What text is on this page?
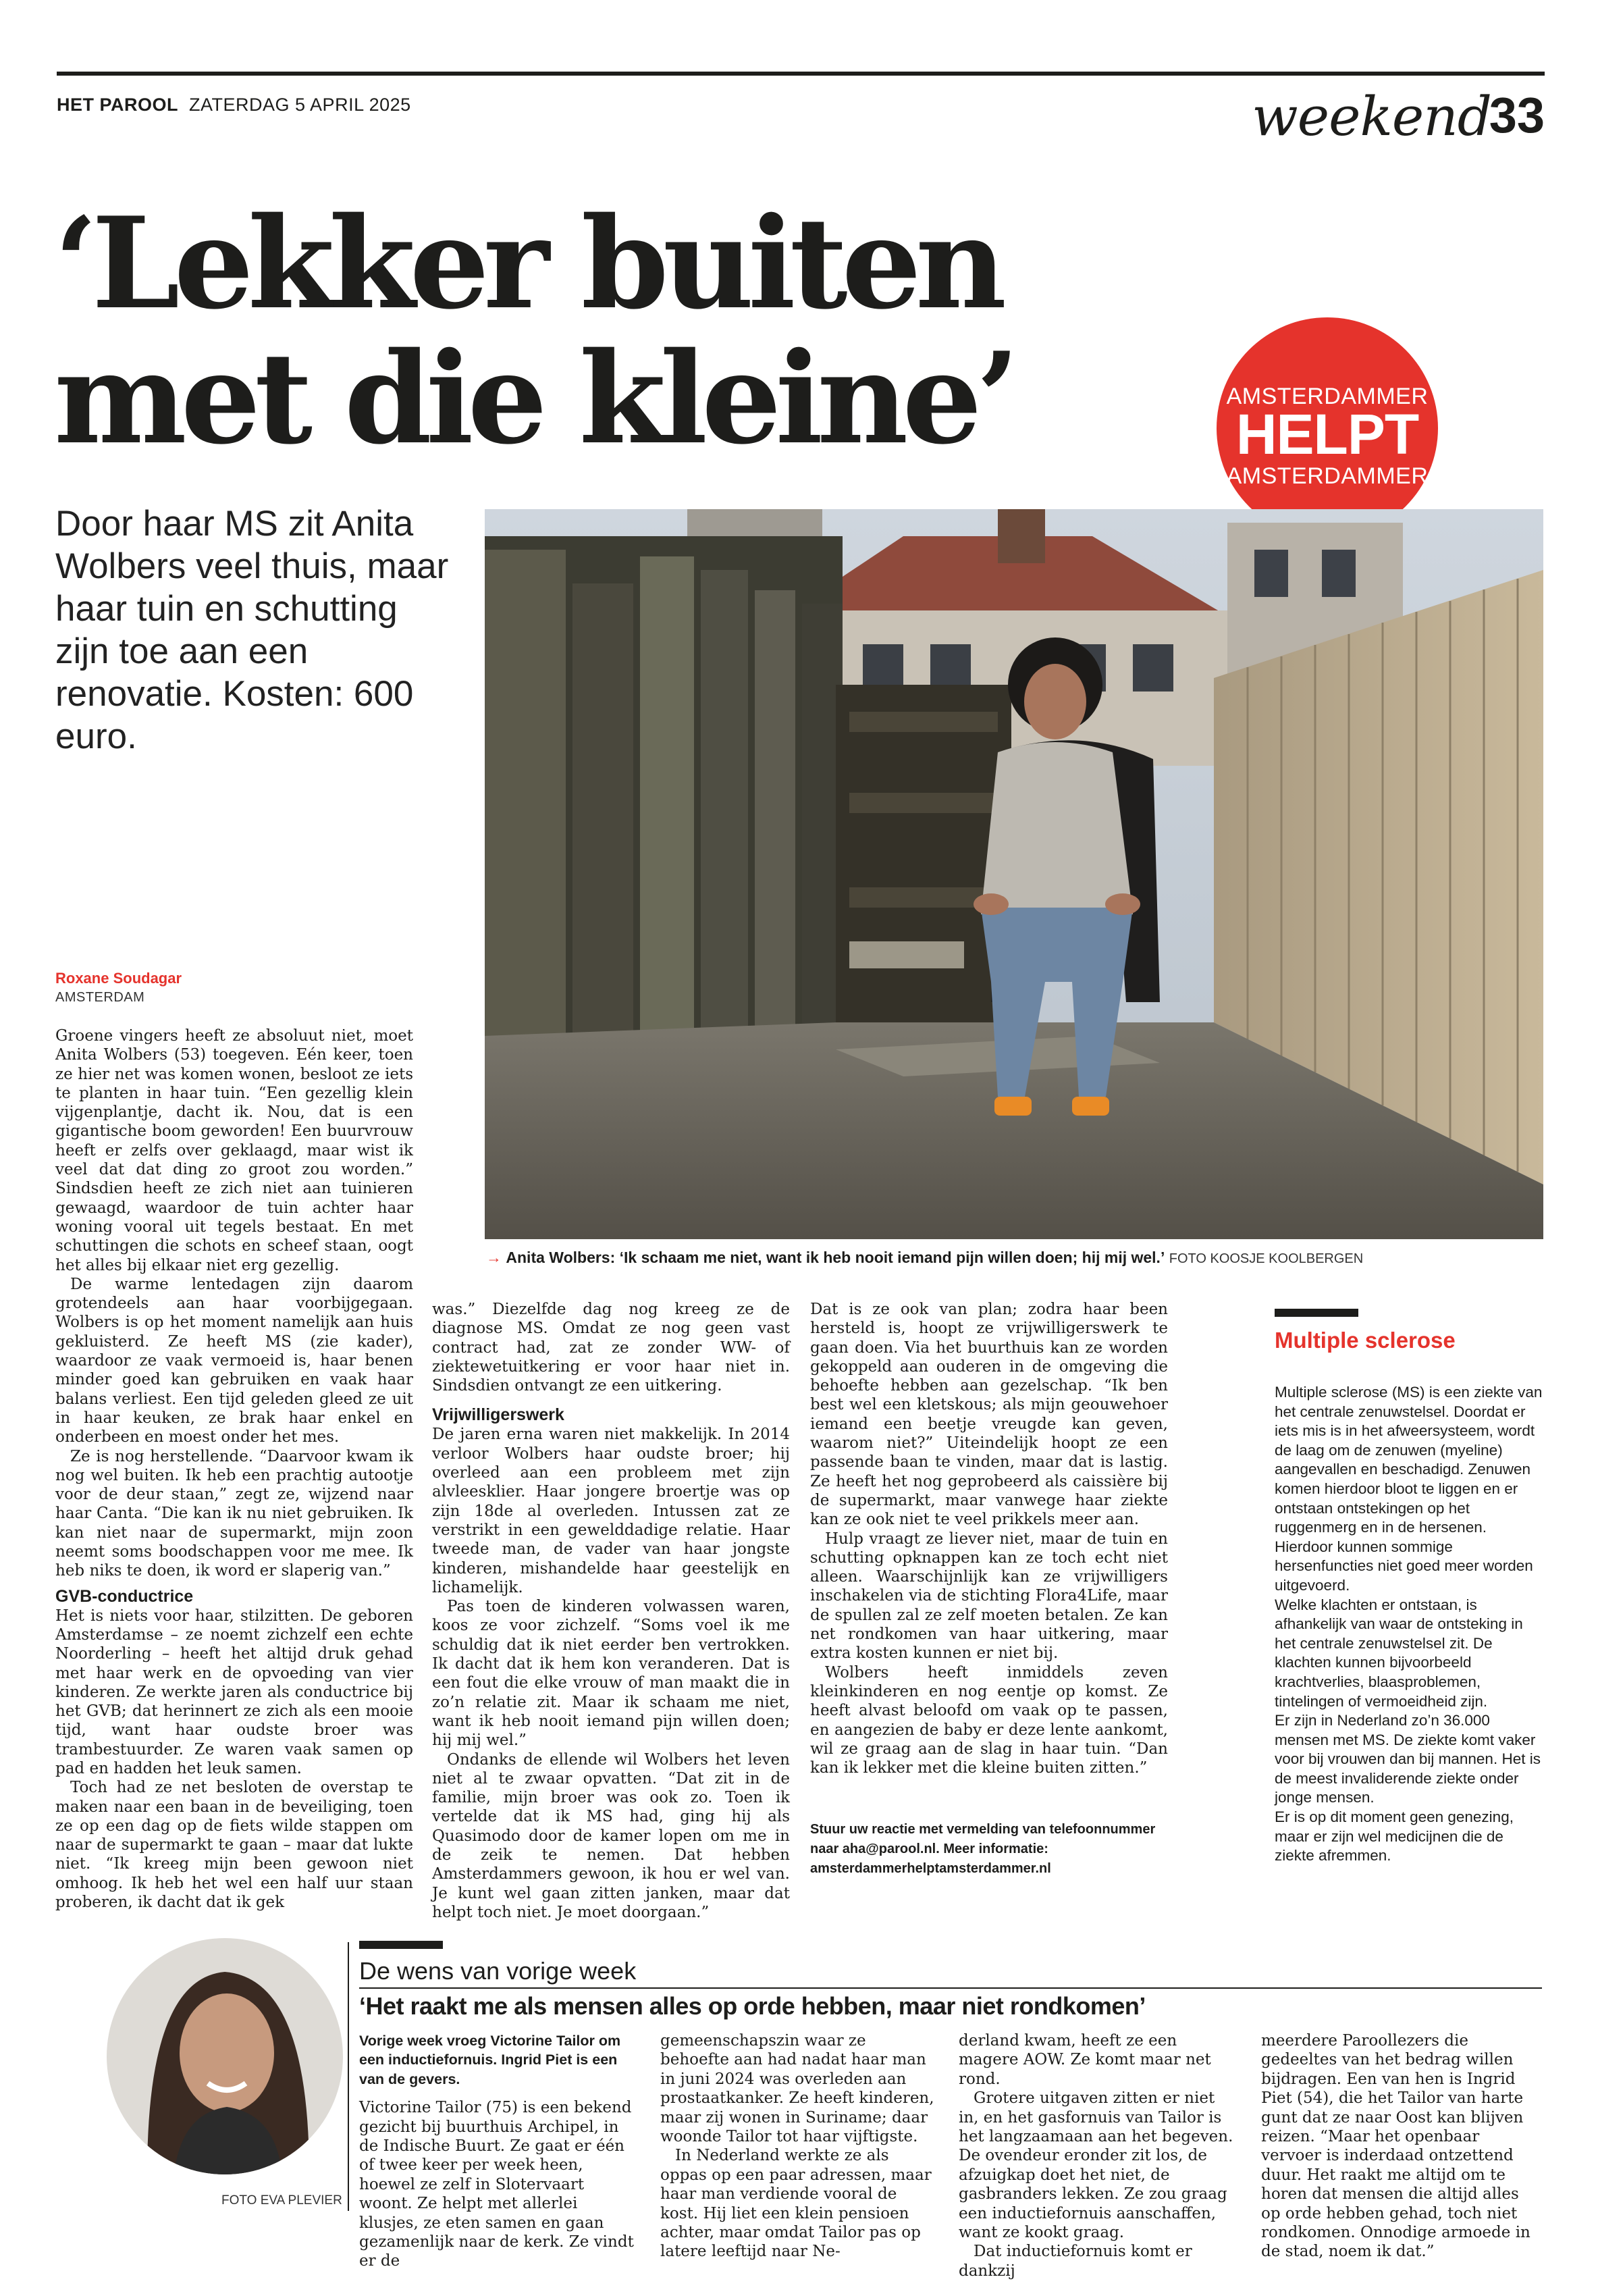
HET PAROOL ZATERDAG 5 APRIL 2025	weekend
33
‘Lekker buiten
met die kleine’
Door haar MS zit Anita Wolbers veel thuis, maar haar tuin en schutting zijn toe aan een renovatie. Kosten: 600 euro.
AMSTERDAMMER
HELPT
AMSTERDAMMER
→ Anita Wolbers: ‘Ik schaam me niet, want ik heb nooit iemand pijn willen doen; hij mij wel.’ FOTO KOOSJE KOOLBERGEN
Roxane Soudagar
AMSTERDAM

Groene vingers heeft ze absoluut niet, moet Anita Wolbers (53) toegeven. Eén keer, toen ze hier net was komen wonen, besloot ze iets te planten in haar tuin. “Een gezellig klein vijgenplantje, dacht ik. Nou, dat is een gigantische boom geworden! Een buurvrouw heeft er zelfs over geklaagd, maar wist ik veel dat dat ding zo groot zou worden.” Sindsdien heeft ze zich niet aan tuinieren gewaagd, waardoor de tuin achter haar woning vooral uit tegels bestaat. En met schuttingen die schots en scheef staan, oogt het alles bij elkaar niet erg gezellig.

De warme lentedagen zijn daarom grotendeels aan haar voorbijgegaan. Wolbers is op het moment namelijk aan huis gekluisterd. Ze heeft MS (zie kader), waardoor ze vaak vermoeid is, haar benen minder goed kan gebruiken en vaak haar balans verliest. Een tijd geleden gleed ze uit in haar keuken, ze brak haar enkel en onderbeen en moest onder het mes.

Ze is nog herstellende. “Daarvoor kwam ik nog wel buiten. Ik heb een prachtig autootje voor de deur staan,” zegt ze, wijzend naar haar Canta. “Die kan ik nu niet gebruiken. Ik kan niet naar de supermarkt, mijn zoon neemt soms boodschappen voor me mee. Ik heb niks te doen, ik word er slaperig van.”

GVB-conductrice

Het is niets voor haar, stilzitten. De geboren Amsterdamse – ze noemt zichzelf een echte Noorderling – heeft het altijd druk gehad met haar werk en de opvoeding van vier kinderen. Ze werkte jaren als conductrice bij het GVB; dat herinnert ze zich als een mooie tijd, want haar oudste broer was trambestuurder. Ze waren vaak samen op pad en hadden het leuk samen.

Toch had ze net besloten de overstap te maken naar een baan in de beveiliging, toen ze op een dag op de fiets wilde stappen om naar de supermarkt te gaan – maar dat lukte niet. “Ik kreeg mijn been gewoon niet omhoog. Ik heb het wel een half uur staan proberen, ik dacht dat ik gek

was.” Diezelfde dag nog kreeg ze de diagnose MS. Omdat ze nog geen vast contract had, zat ze zonder WW- of ziektewetuitkering er voor haar niet in. Sindsdien ontvangt ze een uitkering.

Vrijwilligerswerk

De jaren erna waren niet makkelijk. In 2014 verloor Wolbers haar oudste broer; hij overleed aan een probleem met zijn alvleesklier. Haar jongere broertje was op zijn 18de al overleden. Intussen zat ze verstrikt in een gewelddadige relatie. Haar tweede man, de vader van haar jongste kinderen, mishandelde haar geestelijk en lichamelijk.

Pas toen de kinderen volwassen waren, koos ze voor zichzelf. “Soms voel ik me schuldig dat ik niet eerder ben vertrokken. Ik dacht dat ik hem kon veranderen. Dat is een fout die elke vrouw of man maakt die in zo’n relatie zit. Maar ik schaam me niet, want ik heb nooit iemand pijn willen doen; hij mij wel.”

Ondanks de ellende wil Wolbers het leven niet al te zwaar opvatten. “Dat zit in de familie, mijn broer was ook zo. Toen ik vertelde dat ik MS had, ging hij als Quasimodo door de kamer lopen om me in de zeik te nemen. Dat hebben Amsterdammers gewoon, ik hou er wel van. Je kunt wel gaan zitten janken, maar dat helpt toch niet. Je moet doorgaan.”

Dat is ze ook van plan; zodra haar been hersteld is, hoopt ze vrijwilligerswerk te gaan doen. Via het buurthuis kan ze worden gekoppeld aan ouderen in de omgeving die behoefte hebben aan gezelschap. “Ik ben best wel een kletskous; als mijn geouwehoer iemand een beetje vreugde kan geven, waarom niet?” Uiteindelijk hoopt ze een passende baan te vinden, maar dat is lastig. Ze heeft het nog geprobeerd als caissière bij de supermarkt, maar vanwege haar ziekte kan ze ook niet te veel prikkels meer aan.

Hulp vraagt ze liever niet, maar de tuin en schutting opknappen kan ze toch echt niet alleen. Waarschijnlijk kan ze vrijwilligers inschakelen via de stichting Flora4Life, maar de spullen zal ze zelf moeten betalen. Ze kan net rondkomen van haar uitkering, maar extra kosten kunnen er niet bij.

Wolbers heeft inmiddels zeven kleinkinderen en nog eentje op komst. Ze heeft alvast beloofd om vaak op te passen, en aangezien de baby er deze lente aankomt, wil ze graag aan de slag in haar tuin. “Dan kan ik lekker met die kleine buiten zitten.”

Stuur uw reactie met vermelding van telefoonnummer naar aha@parool.nl. Meer informatie: amsterdammerhelptamsterdammer.nl
Multiple sclerose

Multiple sclerose (MS) is een ziekte van het centrale zenuwstelsel. Doordat er iets mis is in het afweersysteem, wordt de laag om de zenuwen (myeline) aangevallen en beschadigd. Zenuwen komen hierdoor bloot te liggen en er ontstaan ontstekingen op het ruggenmerg en in de hersenen. Hierdoor kunnen sommige hersenfuncties niet goed meer worden uitgevoerd.

Welke klachten er ontstaan, is afhankelijk van waar de ontsteking in het centrale zenuwstelsel zit. De klachten kunnen bijvoorbeeld krachtverlies, blaasproblemen, tintelingen of vermoeidheid zijn.

Er zijn in Nederland zo’n 36.000 mensen met MS. De ziekte komt vaker voor bij vrouwen dan bij mannen. Het is de meest invaliderende ziekte onder jonge mensen.

Er is op dit moment geen genezing, maar er zijn wel medicijnen die de ziekte afremmen.

FOTO EVA PLEVIER
De wens van vorige week
‘Het raakt me als mensen alles op orde hebben, maar niet rondkomen’

Vorige week vroeg Victorine Tailor om een inductiefornuis. Ingrid Piet is een van de gevers.

Victorine Tailor (75) is een bekend gezicht bij buurthuis Archipel, in de Indische Buurt. Ze gaat er één of twee keer per week heen, hoewel ze zelf in Slotervaart woont. Ze helpt met allerlei klusjes, ze eten samen en gaan gezamenlijk naar de kerk. Ze vindt er de

gemeenschapszin waar ze behoefte aan had nadat haar man in juni 2024 was overleden aan prostaatkanker. Ze heeft kinderen, maar zij wonen in Suriname; daar woonde Tailor tot haar vijftigste.

In Nederland werkte ze als oppas op een paar adressen, maar haar man verdiende vooral de kost. Hij liet een klein pensioen achter, maar omdat Tailor pas op latere leeftijd naar Ne-

derland kwam, heeft ze een magere AOW. Ze komt maar net rond.

Grotere uitgaven zitten er niet in, en het gasfornuis van Tailor is het langzaamaan aan het begeven. De ovendeur eronder zit los, de afzuigkap doet het niet, de gasbranders lekken. Ze zou graag een inductiefornuis aanschaffen, want ze kookt graag.

Dat inductiefornuis komt er dankzij

meerdere Paroollezers die gedeeltes van het bedrag willen bijdragen. Een van hen is Ingrid Piet (54), die het Tailor van harte gunt dat ze naar Oost kan blijven reizen. “Maar het openbaar vervoer is inderdaad ontzettend duur. Het raakt me altijd om te horen dat mensen die altijd alles op orde hebben gehad, toch niet rondkomen. Onnodige armoede in de stad, noem ik dat.”
